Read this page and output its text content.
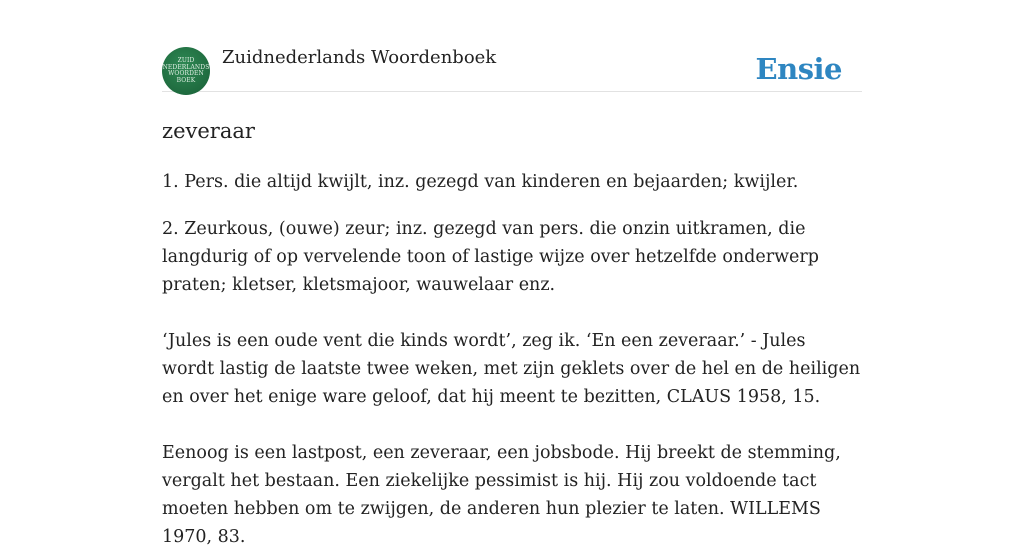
ZUID
NEDERLANDS
WOORDEN
BOEK
Zuidnederlands Woordenboek	Ensie
zeveraar

1. Pers. die altijd kwijlt, inz. gezegd van kinderen en bejaarden; kwijler.

2. Zeurkous, (ouwe) zeur; inz. gezegd van pers. die onzin uitkramen, die langdurig of op vervelende toon of lastige wijze over hetzelfde onderwerp praten; kletser, kletsmajoor, wauwelaar enz.

‘Jules is een oude vent die kinds wordt’, zeg ik. ‘En een zeveraar.’ - Jules wordt lastig de laatste twee weken, met zijn geklets over de hel en de heiligen en over het enige ware geloof, dat hij meent te bezitten, CLAUS 1958, 15.

Eenoog is een lastpost, een zeveraar, een jobsbode. Hij breekt de stemming, vergalt het bestaan. Een ziekelijke pessimist is hij. Hij zou voldoende tact moeten hebben om te zwijgen, de anderen hun plezier te laten. WILLEMS 1970, 83.
